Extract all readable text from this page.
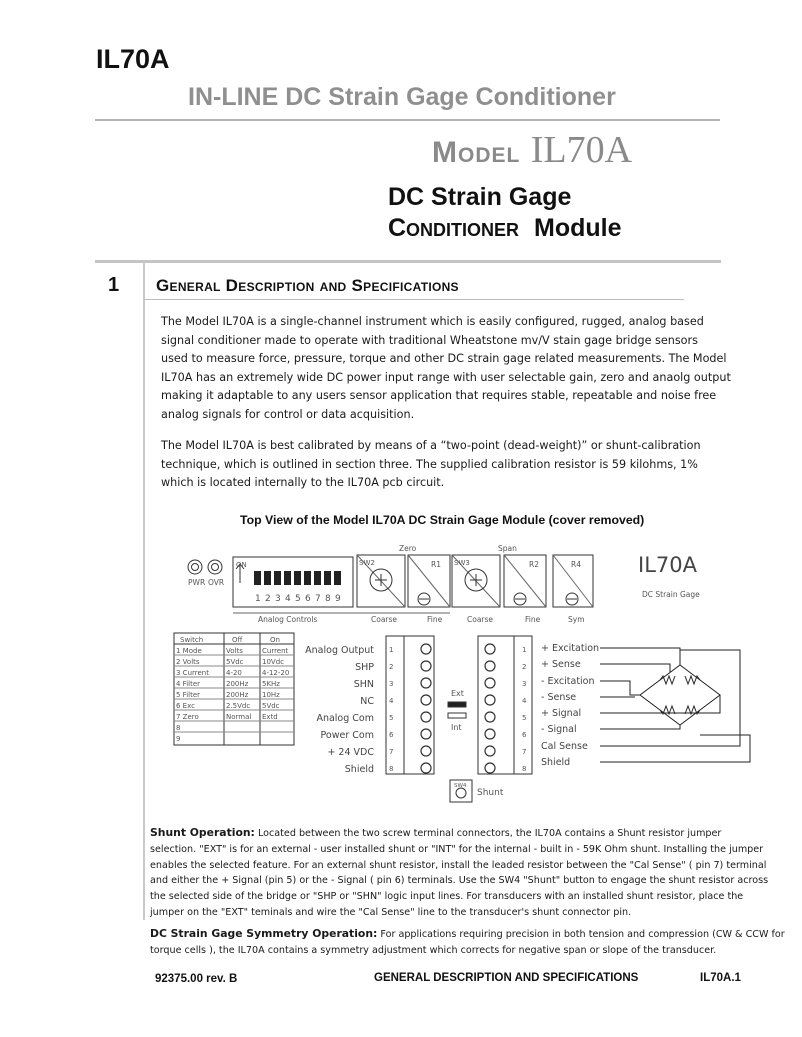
IL70A
IN-LINE DC Strain Gage Conditioner
Model IL70A
DC Strain Gage
Conditioner Module
1 General Description and Specifications
The Model IL70A is a single-channel instrument which is easily configured, rugged, analog based
signal conditioner made to operate with traditional Wheatstone mv/V stain gage bridge sensors
used to measure force, pressure, torque and other DC strain gage related measurements. The Model
IL70A has an extremely wide DC power input range with user selectable gain, zero and anaolg output
making it adaptable to any users sensor application that requires stable, repeatable and noise free
analog signals for control or data acquisition.
The Model IL70A is best calibrated by means of a “two-point (dead-weight)” or shunt-calibration
technique, which is outlined in section three. The supplied calibration resistor is 59 kilohms, 1%
which is located internally to the IL70A pcb circuit.
Top View of the Model IL70A DC Strain Gage Module (cover removed)
PWR OVR
ON
1 2 3 4 5 6 7 8 9
Analog Controls
Zero	Span
SW2	SW3
R1	R2	R4
Coarse	Fine	Coarse	Fine	Sym
IL70A
DC Strain Gage
Switch	Off	On
1 Mode	Volts	Current
2 Volts	5Vdc	10Vdc
3 Current 4-20	4-12-20
4 Filter	200Hz 5KHz
5 Filter	200Hz 10Hz
6 Exc	2.5Vdc 5Vdc
7 Zero	Normal Extd
8
9
Analog Output
SHP
SHN
NC
Analog Com
Power Com
+ 24 VDC
Shield
1
2
3
4
5
6
7
8
1
2
3
4
5
6
7
8
+ Excitation
+ Sense
- Excitation
- Sense
+ Signal
- Signal
Cal Sense
Shield
Ext
Int
SW4
Shunt
Shunt Operation: Located between the two screw terminal connectors, the IL70A contains a Shunt resistor jumper
selection. "EXT" is for an external - user installed shunt or "INT" for the internal - built in - 59K Ohm shunt. Installing the jumper
enables the selected feature. For an external shunt resistor, install the leaded resistor between the "Cal Sense" ( pin 7) terminal
and either the + Signal (pin 5) or the - Signal ( pin 6) terminals. Use the SW4 "Shunt" button to engage the shunt resistor across
the selected side of the bridge or "SHP or "SHN" logic input lines. For transducers with an installed shunt resistor, place the
jumper on the "EXT" teminals and wire the "Cal Sense" line to the transducer's shunt connector pin.
DC Strain Gage Symmetry Operation: For applications requiring precision in both tension and compression (CW & CCW for
torque cells ), the IL70A contains a symmetry adjustment which corrects for negative span or slope of the transducer.
92375.00 rev. B	GENERAL DESCRIPTION AND SPECIFICATIONS	IL70A.1
